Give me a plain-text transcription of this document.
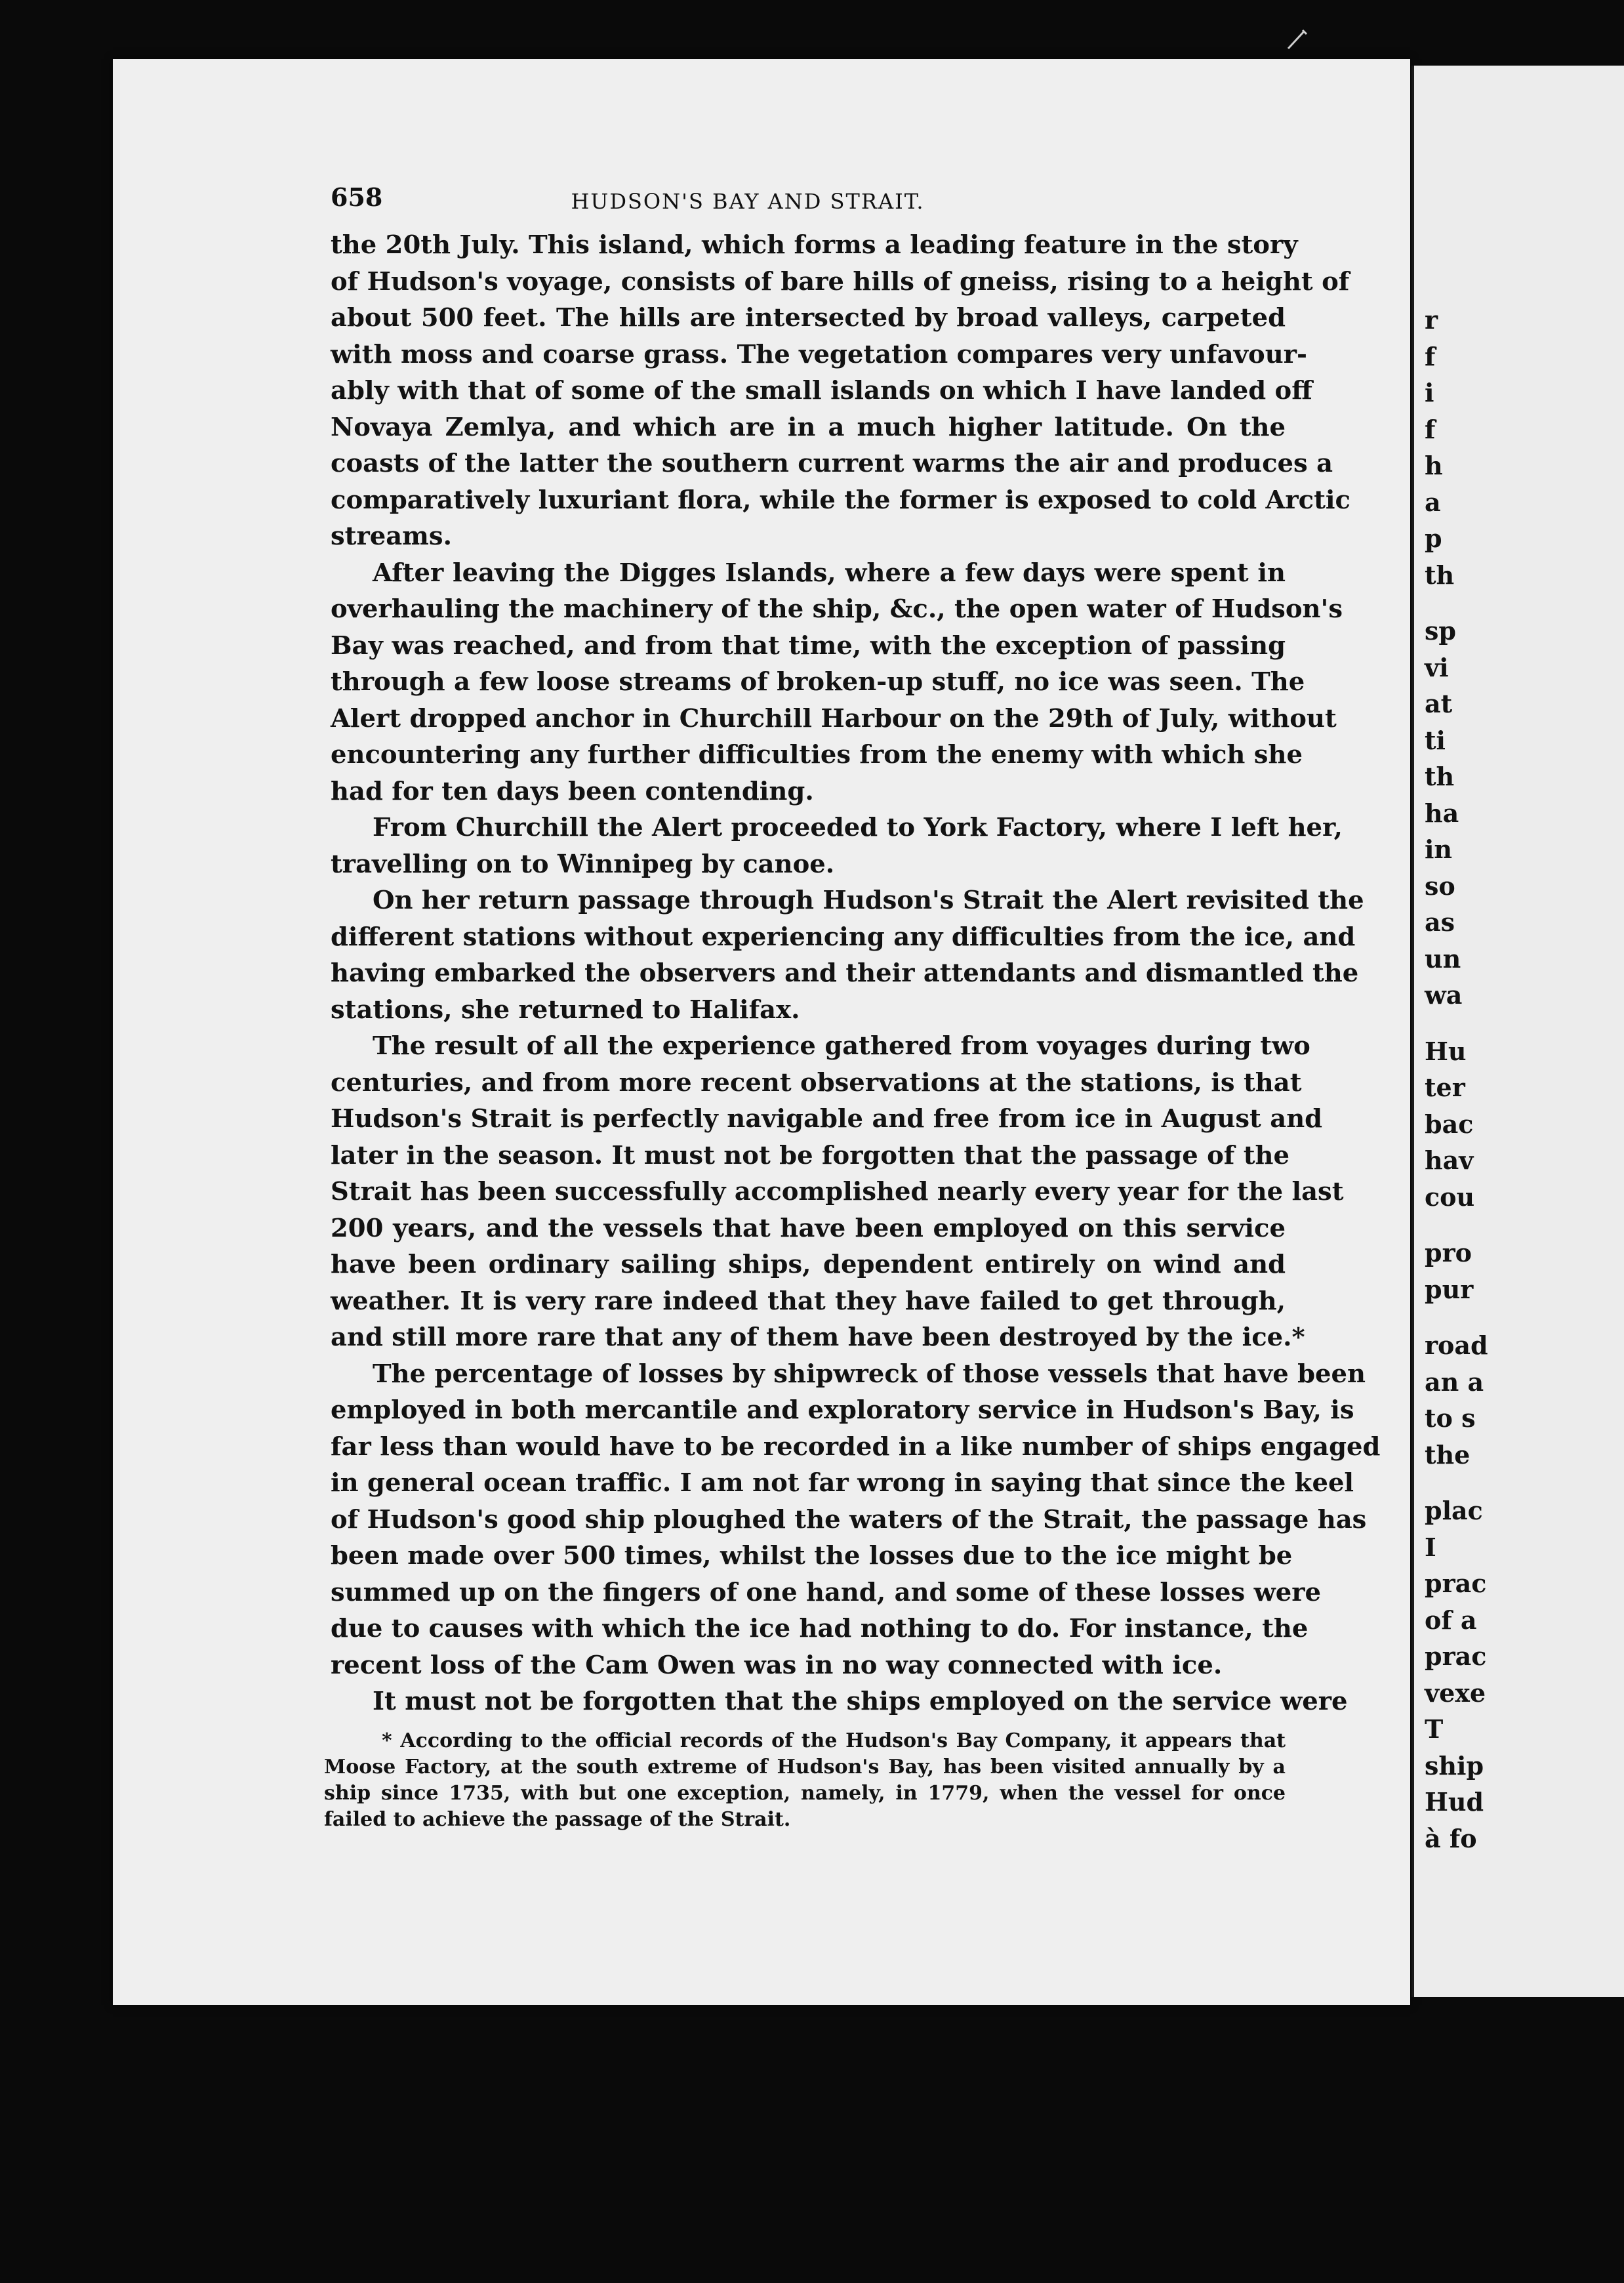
658	HUDSON'S BAY AND STRAIT.
the 20th July. This island, which forms a leading feature in the story
of Hudson's voyage, consists of bare hills of gneiss, rising to a height of
about 500 feet. The hills are intersected by broad valleys, carpeted
with moss and coarse grass. The vegetation compares very unfavour-
ably with that of some of the small islands on which I have landed off
Novaya Zemlya, and which are in a much higher latitude. On the
coasts of the latter the southern current warms the air and produces a
comparatively luxuriant flora, while the former is exposed to cold Arctic
streams.
After leaving the Digges Islands, where a few days were spent in
overhauling the machinery of the ship, &c., the open water of Hudson's
Bay was reached, and from that time, with the exception of passing
through a few loose streams of broken-up stuff, no ice was seen. The
Alert dropped anchor in Churchill Harbour on the 29th of July, without
encountering any further difficulties from the enemy with which she
had for ten days been contending.
From Churchill the Alert proceeded to York Factory, where I left her,
travelling on to Winnipeg by canoe.
On her return passage through Hudson's Strait the Alert revisited the
different stations without experiencing any difficulties from the ice, and
having embarked the observers and their attendants and dismantled the
stations, she returned to Halifax.
The result of all the experience gathered from voyages during two
centuries, and from more recent observations at the stations, is that
Hudson's Strait is perfectly navigable and free from ice in August and
later in the season. It must not be forgotten that the passage of the
Strait has been successfully accomplished nearly every year for the last
200 years, and the vessels that have been employed on this service
have been ordinary sailing ships, dependent entirely on wind and
weather. It is very rare indeed that they have failed to get through,
and still more rare that any of them have been destroyed by the ice.*
The percentage of losses by shipwreck of those vessels that have been
employed in both mercantile and exploratory service in Hudson's Bay, is
far less than would have to be recorded in a like number of ships engaged
in general ocean traffic. I am not far wrong in saying that since the keel
of Hudson's good ship ploughed the waters of the Strait, the passage has
been made over 500 times, whilst the losses due to the ice might be
summed up on the fingers of one hand, and some of these losses were
due to causes with which the ice had nothing to do. For instance, the
recent loss of the Cam Owen was in no way connected with ice.
It must not be forgotten that the ships employed on the service were
* According to the official records of the Hudson's Bay Company, it appears that
Moose Factory, at the south extreme of Hudson's Bay, has been visited annually by a
ship since 1735, with but one exception, namely, in 1779, when the vessel for once
failed to achieve the passage of the Strait.
r
f
i
f
h
a
p
th
sp
vi
at
ti
th
ha
in
so
as
un
wa
Hu
ter
bac
hav
cou
pro
pur
road
an a
to s
the
plac
I
prac
of a
prac
vexe
T
ship
Hud
à fo
